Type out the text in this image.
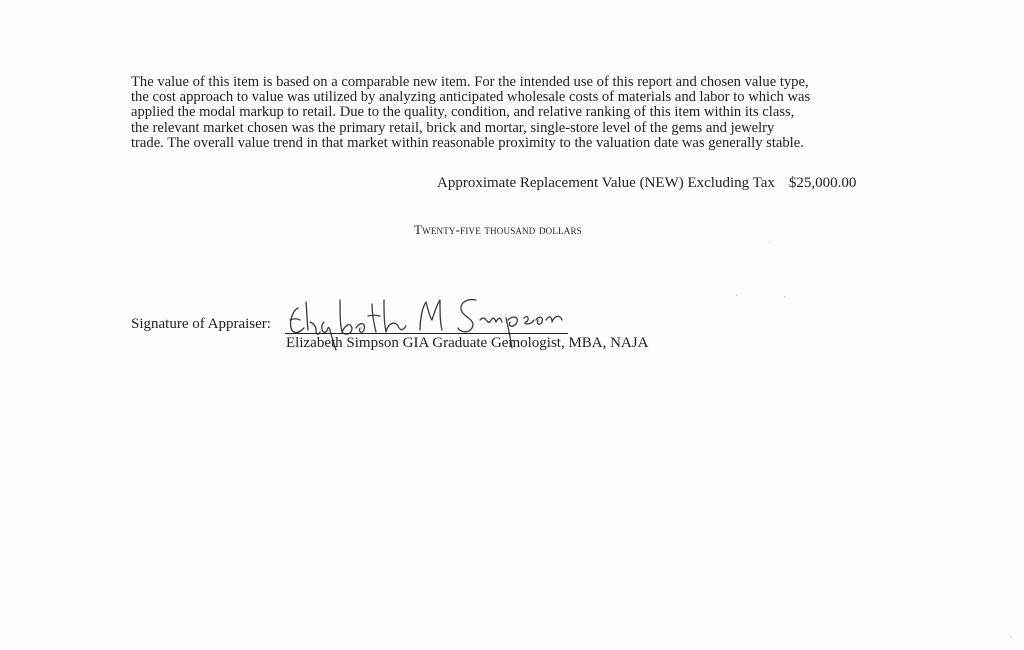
The value of this item is based on a comparable new item. For the intended use of this report and chosen value type,
the cost approach to value was utilized by analyzing anticipated wholesale costs of materials and labor to which was
applied the modal markup to retail. Due to the quality, condition, and relative ranking of this item within its class,
the relevant market chosen was the primary retail, brick and mortar, single-store level of the gems and jewelry
trade. The overall value trend in that market within reasonable proximity to the valuation date was generally stable.
Approximate Replacement Value (NEW) Excluding Tax $25,000.00
Twenty-five thousand dollars
Signature of Appraiser:
Elizabeth Simpson GIA Graduate Gemologist, MBA, NAJA
